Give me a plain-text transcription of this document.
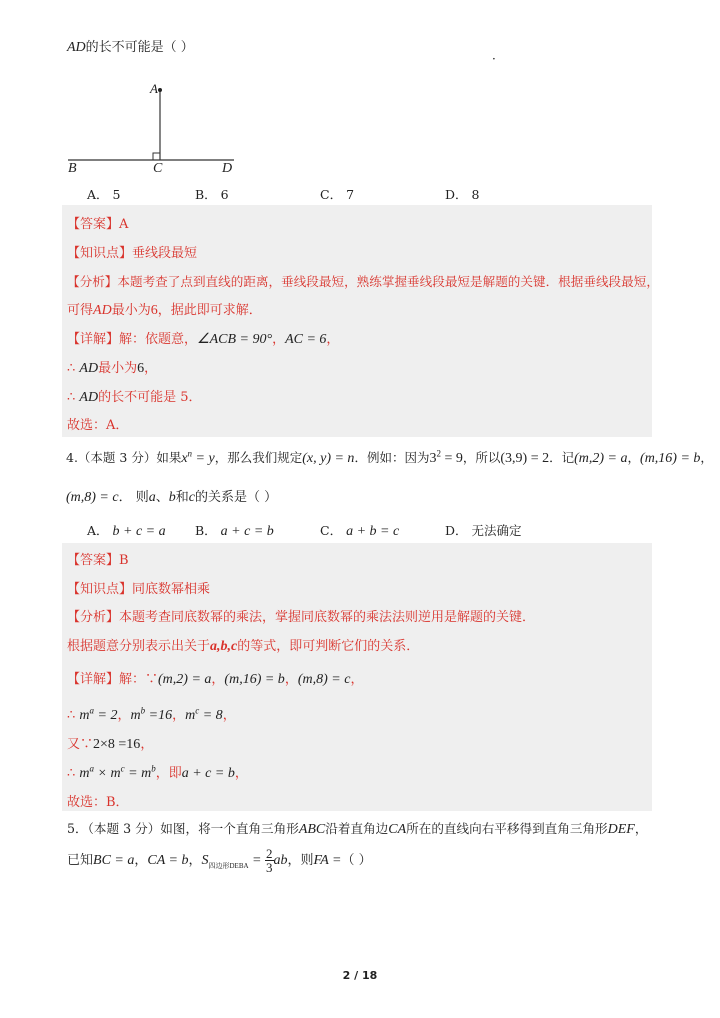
AD的长不可能是（ ）
·
A
B	C	D
A． 5	B． 6	C． 7	D． 8
【答案】A
【知识点】垂线段最短
【分析】本题考查了点到直线的距离，垂线段最短，熟练掌握垂线段最短是解题的关键．根据垂线段最短，
可得AD最小为6，据此即可求解．
【详解】解：依题意，∠ACB = 90°，AC = 6，
∴ AD最小为6，
∴ AD的长不可能是 5．
故选：A．
4.（本题 3 分）如果$x^n = y$，那么我们规定(x, y) = n．例如：因为$3^2 = 9$，所以(3,9) = 2．记(m,2) = a，(m,16) = b，
(m,8) = c． 则a、b和c的关系是（ ）
A． b + c = a B． a + c = b	C． a + b = c	D． 无法确定
【答案】B
【知识点】同底数幂相乘
【分析】本题考查同底数幂的乘法，掌握同底数幂的乘法法则逆用是解题的关键．
根据题意分别表示出关于a,b,c的等式，即可判断它们的关系．
【详解】解：∵(m,2) = a，(m,16) = b，(m,8) = c，
∴ $m^a = 2$，$m^b =16$，$m^c = 8$，
又∵2×8 =16，
∴ $m^a \times m^c = m^b$，即a + c = b，
故选：B．
5．（本题 3 分）如图，将一个直角三角形ABC沿着直角边CA所在的直线向右平移得到直角三角形DEF，
已知BC = a，CA = b，$S_{四边形DEBA} = \frac{2}{3}$ ab，则FA =（ ）
2 / 18
